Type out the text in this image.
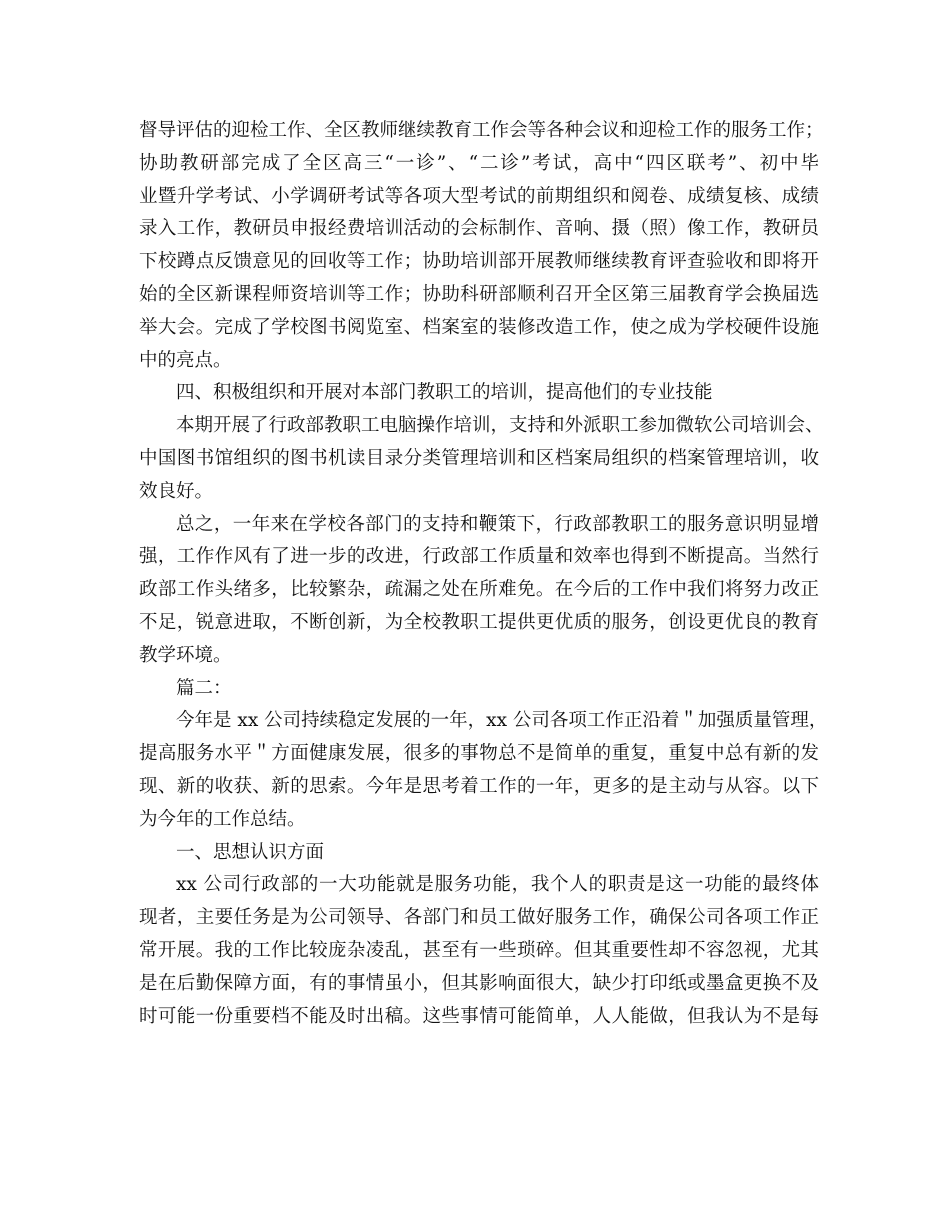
督导评估的迎检工作、全区教师继续教育工作会等各种会议和迎检工作的服务工作；
协助教研部完成了全区高三“一诊”、“二诊”考试，高中“四区联考”、初中毕
业暨升学考试、小学调研考试等各项大型考试的前期组织和阅卷、成绩复核、成绩
录入工作，教研员申报经费培训活动的会标制作、音响、摄（照）像工作，教研员
下校蹲点反馈意见的回收等工作；协助培训部开展教师继续教育评查验收和即将开
始的全区新课程师资培训等工作；协助科研部顺利召开全区第三届教育学会换届选
举大会。完成了学校图书阅览室、档案室的装修改造工作，使之成为学校硬件设施
中的亮点。
四、积极组织和开展对本部门教职工的培训，提高他们的专业技能
本期开展了行政部教职工电脑操作培训，支持和外派职工参加微软公司培训会、
中国图书馆组织的图书机读目录分类管理培训和区档案局组织的档案管理培训，收
效良好。
总之，一年来在学校各部门的支持和鞭策下，行政部教职工的服务意识明显增
强，工作作风有了进一步的改进，行政部工作质量和效率也得到不断提高。当然行
政部工作头绪多，比较繁杂，疏漏之处在所难免。在今后的工作中我们将努力改正
不足，锐意进取，不断创新，为全校教职工提供更优质的服务，创设更优良的教育
教学环境。
篇二：
今年是 xx 公司持续稳定发展的一年，xx 公司各项工作正沿着＂加强质量管理，
提高服务水平＂方面健康发展，很多的事物总不是简单的重复，重复中总有新的发
现、新的收获、新的思索。今年是思考着工作的一年，更多的是主动与从容。以下
为今年的工作总结。
一、思想认识方面
xx 公司行政部的一大功能就是服务功能，我个人的职责是这一功能的最终体
现者，主要任务是为公司领导、各部门和员工做好服务工作，确保公司各项工作正
常开展。我的工作比较庞杂凌乱，甚至有一些琐碎。但其重要性却不容忽视，尤其
是在后勤保障方面，有的事情虽小，但其影响面很大，缺少打印纸或墨盒更换不及
时可能一份重要档不能及时出稿。这些事情可能简单，人人能做，但我认为不是每
